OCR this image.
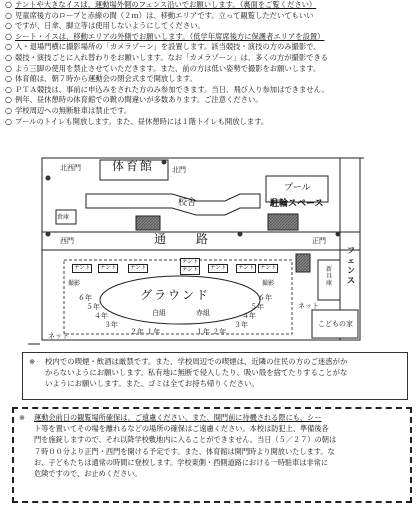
○ テントや大きなイスは、運動場外側のフェンス沿いでお願いします。（裏面をご覧ください）
○ 児童席後方のロープと赤線の間（２ｍ）は、移動エリアです。立って観覧しただいてもいい
○ ですが、日傘、脚立等は使用しないようにしてください。
○ シート・イスは、移動エリアの外側でお願いします。（低学年席席後方に保護者エリアを設置）
○ 入・退場門横に撮影場所の「カメラゾーン」を設置します。該当競技・演技の方のみ撮影で、
○ 競技・演技ごとに入れ替わりをお願いします。なお「カメラゾーン」は、多くの方が撮影できる
○ よう三脚の使用を禁止させていただきます。また、前の方は低い姿勢で撮影をお願いします。
○ 体育館は、朝７時から運動会の閉会式まで開放します。
○ ＰＴＡ競技は、事前に申込みをされた方のみ参加できます。当日、飛び入り参加はできません。
○ 例年、昼休憩時の体育館での靴の間違いが多数あります。ご注意ください。
○ 学校周辺への無断駐車は禁止です。
○ プールのトイレも開放します。また、昼休憩時には１階トイレも開放します。
北西門	体育館	北門
プール
駐輪スペース
校舎
倉庫
西門	通　　路	正門
フェンス
新具庫
こどもの家
ネット
ネット
グラウンド
白組	赤組
テント	テント	テント
テント
テント	テント	テント	テント
撮影	撮影
６年
５年
４年
３年
６年
５年
４年
３年
２年 １年	１年 ２年
※ 校内での喫煙・飲酒は厳禁です。また、学校周辺での喫煙は、近隣の住民の方のご迷惑がか
からないようにお願いします。私有地に無断で侵入したり、吸い殻を捨てたりすることがな
いようにお願いします。また、ゴミは全てお持ち帰りください。
※ 運動会前日の観覧場所確保は、ご遠慮ください。また、開門前に待機される際にも、シー
ト等を置いてその場を離れるなどの場所の確保はご遠慮ください。本校は防犯上、準備後各
門を施錠しますので、それ以降学校敷地内に入ることができません。当日（５／２７）の朝は
７時００分より正門・西門を開ける予定です。また、体育館は開門時より開放いたします。な
お、子どもたちは通常の時間に登校します。学校東側・西側道路における一時駐車は非常に
危険ですので、お止めください。
